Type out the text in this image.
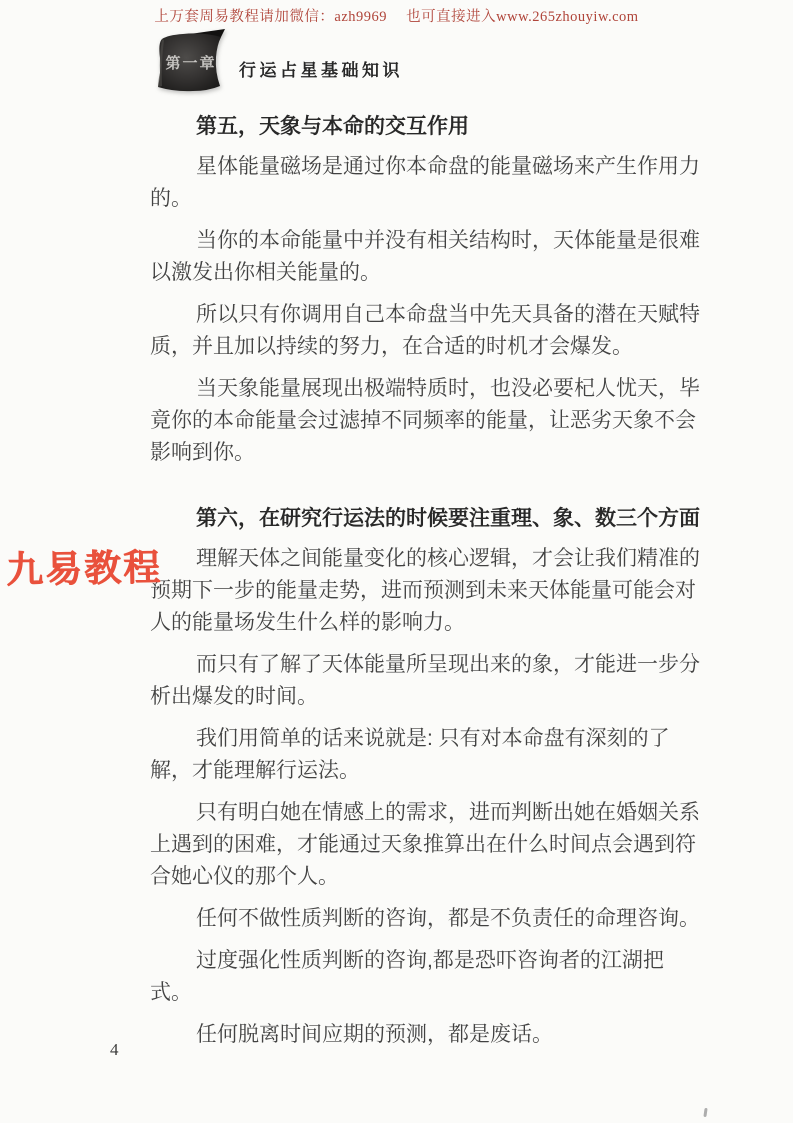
上万套周易教程请加微信：azh9969　 也可直接进入www.265zhouyiw.com
第一章 行运占星基础知识
第五，天象与本命的交互作用

星体能量磁场是通过你本命盘的能量磁场来产生作用力的。

当你的本命能量中并没有相关结构时，天体能量是很难以激发出你相关能量的。

所以只有你调用自己本命盘当中先天具备的潜在天赋特质，并且加以持续的努力，在合适的时机才会爆发。

当天象能量展现出极端特质时，也没必要杞人忧天，毕竟你的本命能量会过滤掉不同频率的能量，让恶劣天象不会影响到你。

第六，在研究行运法的时候要注重理、象、数三个方面

理解天体之间能量变化的核心逻辑，才会让我们精准的预期下一步的能量走势，进而预测到未来天体能量可能会对人的能量场发生什么样的影响力。

而只有了解了天体能量所呈现出来的象，才能进一步分析出爆发的时间。

我们用简单的话来说就是: 只有对本命盘有深刻的了解，才能理解行运法。

只有明白她在情感上的需求，进而判断出她在婚姻关系上遇到的困难，才能通过天象推算出在什么时间点会遇到符合她心仪的那个人。

任何不做性质判断的咨询，都是不负责任的命理咨询。

过度强化性质判断的咨询,都是恐吓咨询者的江湖把式。

任何脱离时间应期的预测，都是废话。

九易教程
4
